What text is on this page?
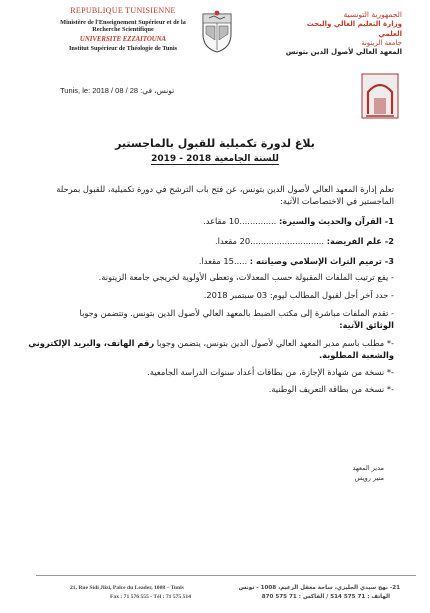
REPUBLIQUE TUNISIENNE
Ministère de l'Enseignement Supérieur et de la
Recherche Scientifique
UNIVERSITE EZZAITOUNA
Institut Supérieur de Théologie de Tunis
الجمهورية التونسية
وزارة التعليم العالي والبحث العلمي
جامعة الزيتونة
المعهد العالي لأصول الدين بتونس
Tunis, le: 2018 / 08 / 28 :تونس، في
بلاغ لدورة تكميلية للقبول بالماجستير
للسنة الجامعية 2018 - 2019

تعلم إدارة المعهد العالي لأصول الدين بتونس، عن فتح باب الترشح في دورة تكميلية، للقبول بمرحلة الماجستير في الاختصاصات الآتية:

1- القرآن والحديث والسيرة: ..............10 مقاعد.

2- علم الفريضة: ............................20 مقعدا.

3- ترميم التراث الإسلامي وصيانته : .....15 مقعدا.

- يقع ترتيب الملفات المقبولة حسب المعدلات، وتعطى الأولوية لخريجي جامعة الزيتونة.

- حدد آخر أجل لقبول المطالب ليوم: 03 سبتمبر 2018.

- تقدم الملفات مباشرة إلى مكتب الضبط بالمعهد العالي لأصول الدين بتونس. وتتضمن وجوبا

الوثائق الآتية:

-* مطلب باسم مدير المعهد العالي لأصول الدين بتونس، يتضمن وجوبا رقم الهاتف، والبريد الإلكتروني والشعبة المطلوبة.

-* نسخة من شهادة الإجازة، من بطاقات أعداد سنوات الدراسة الجامعية.

-* نسخة من بطاقة التعريف الوطنية.

مدير المعهد
منير رويس
21, Rue Sidi Jlizi, Palce du Leader, 1008 – Tunis
Fax : 71 576 555 - Tél : 71 575 514
21- نهج سيدي الجليزي، ساحة معقل الزعيم، 1008 - تونس
الهاتف : 71 575 514 / الفاكس : 71 575 870
